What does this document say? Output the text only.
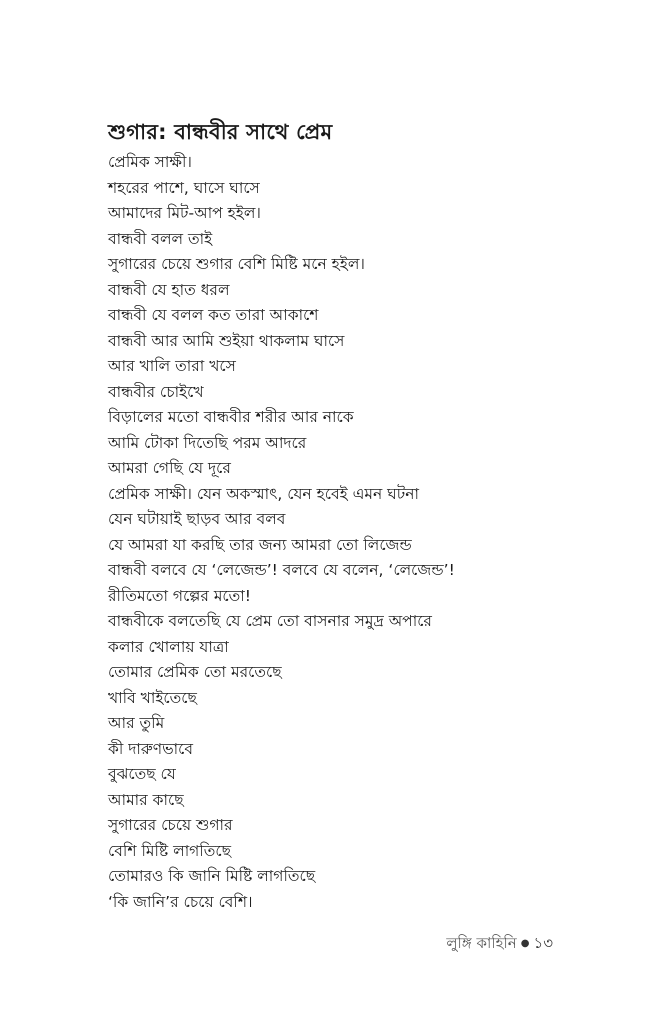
শুগার: বান্ধবীর সাথে প্রেম
প্রেমিক সাক্ষী।
শহরের পাশে, ঘাসে ঘাসে
আমাদের মিট-আপ হইল।
বান্ধবী বলল তাই
সুগারের চেয়ে শুগার বেশি মিষ্টি মনে হইল।
বান্ধবী যে হাত ধরল
বান্ধবী যে বলল কত তারা আকাশে
বান্ধবী আর আমি শুইয়া থাকলাম ঘাসে
আর খালি তারা খসে
বান্ধবীর চোইখে
বিড়ালের মতো বান্ধবীর শরীর আর নাকে
আমি টোকা দিতেছি পরম আদরে
আমরা গেছি যে দূরে
প্রেমিক সাক্ষী। যেন অকস্মাৎ, যেন হবেই এমন ঘটনা
যেন ঘটায়াই ছাড়ব আর বলব
যে আমরা যা করছি তার জন্য আমরা তো লিজেন্ড
বান্ধবী বলবে যে ‘লেজেন্ড’! বলবে যে বলেন, ‘লেজেন্ড’!
রীতিমতো গল্পের মতো!
বান্ধবীকে বলতেছি যে প্রেম তো বাসনার সমুদ্র অপারে
কলার খোলায় যাত্রা
তোমার প্রেমিক তো মরতেছে
খাবি খাইতেছে
আর তুমি
কী দারুণভাবে
বুঝতেছ যে
আমার কাছে
সুগারের চেয়ে শুগার
বেশি মিষ্টি লাগতিছে
তোমারও কি জানি মিষ্টি লাগতিছে
‘কি জানি’র চেয়ে বেশি।
লুঙ্গি কাহিনি ● ১৩
